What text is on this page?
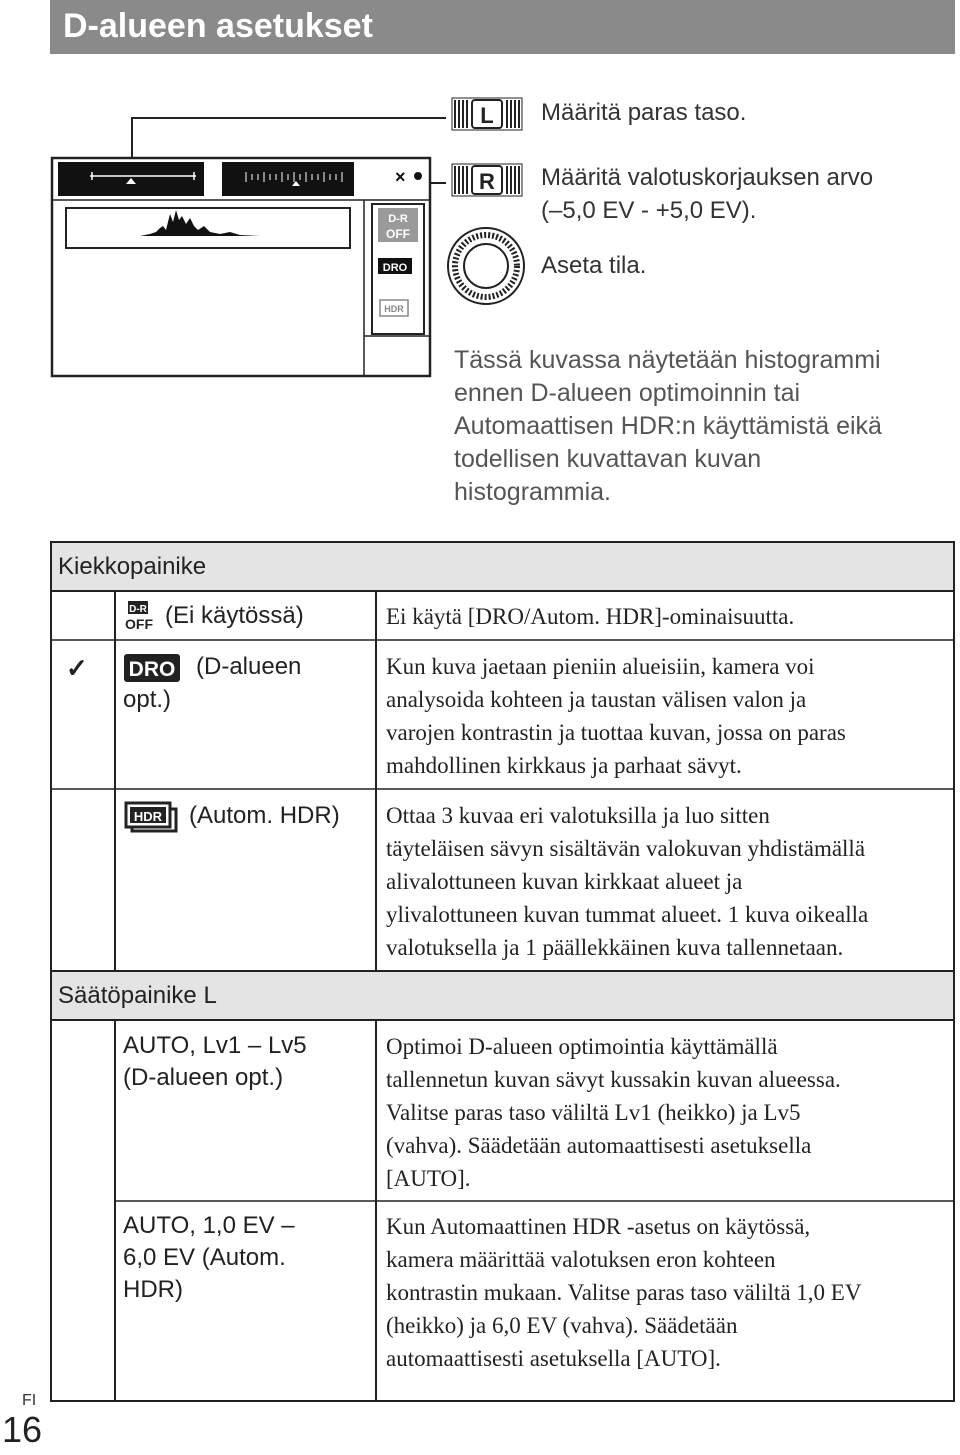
D-alueen asetukset
×
D-R
OFF
DRO
HDR
L
R
Määritä paras taso.
Määritä valotuskorjauksen arvo
(–5,0 EV - +5,0 EV).
Aseta tila.
Tässä kuvassa näytetään histogrammi
ennen D-alueen optimoinnin tai
Automaattisen HDR:n käyttämistä eikä
todellisen kuvattavan kuvan
histogrammia.
Kiekkopainike
D-R
OFF (Ei käytössä)	Ei käytä [DRO/Autom. HDR]-ominaisuutta.
✓ DRO (D-alueen
opt.)
Kun kuva jaetaan pieniin alueisiin, kamera voi
analysoida kohteen ja taustan välisen valon ja
varojen kontrastin ja tuottaa kuvan, jossa on paras
mahdollinen kirkkaus ja parhaat sävyt.
HDR (Autom. HDR) Ottaa 3 kuvaa eri valotuksilla ja luo sitten
täyteläisen sävyn sisältävän valokuvan yhdistämällä
alivalottuneen kuvan kirkkaat alueet ja
ylivalottuneen kuvan tummat alueet. 1 kuva oikealla
valotuksella ja 1 päällekkäinen kuva tallennetaan.
Säätöpainike L
AUTO, Lv1 – Lv5
(D-alueen opt.)
Optimoi D-alueen optimointia käyttämällä
tallennetun kuvan sävyt kussakin kuvan alueessa.
Valitse paras taso väliltä Lv1 (heikko) ja Lv5
(vahva). Säädetään automaattisesti asetuksella
[AUTO].
AUTO, 1,0 EV –
6,0 EV (Autom.
HDR)
Kun Automaattinen HDR -asetus on käytössä,
kamera määrittää valotuksen eron kohteen
kontrastin mukaan. Valitse paras taso väliltä 1,0 EV
(heikko) ja 6,0 EV (vahva). Säädetään
automaattisesti asetuksella [AUTO].
FI
16
